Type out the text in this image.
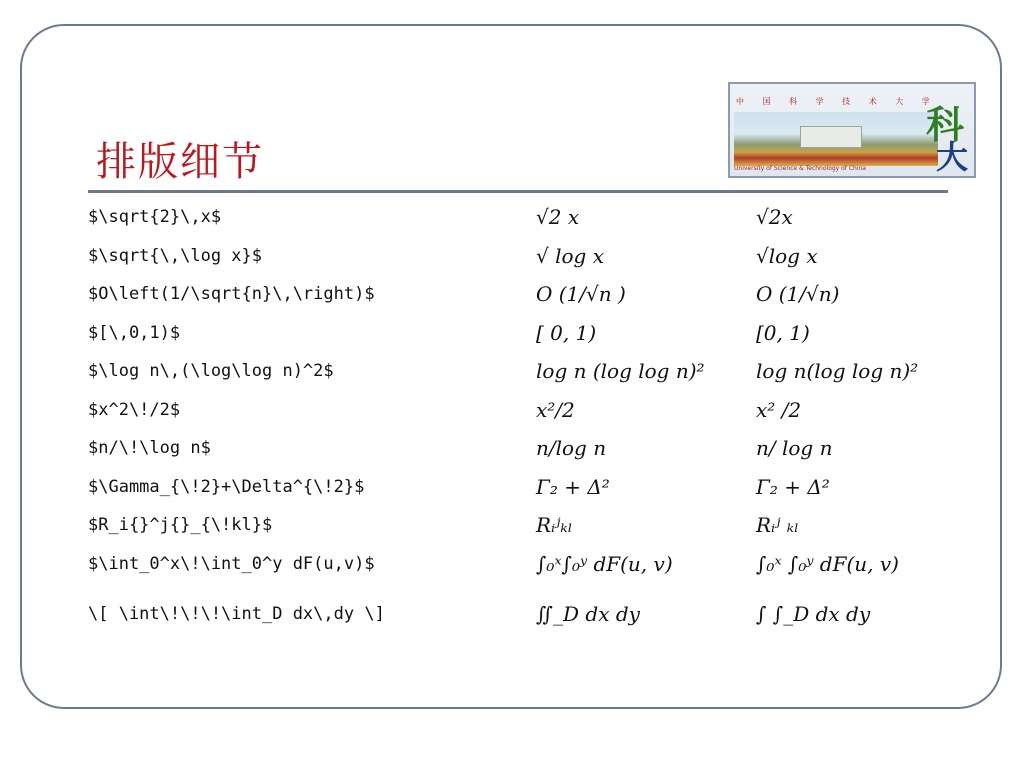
排版细节
中 国 科 学 技 术 大 学
科
大
University of Science & Technology of China
$\sqrt{2}\,x$	√2 x	√2x
$\sqrt{\,\log x}$	√ log x	√log x
$O\left(1/\sqrt{n}\,\right)$	O (1/√n )	O (1/√n)
$[\,0,1)$	[ 0, 1)	[0, 1)
$\log n\,(\log\log n)^2$	log n (log log n)²	log n(log log n)²
$x^2\!/2$	x²/2	x² /2
$n/\!\log n$	n/log n	n/ log n
$\Gamma_{\!2}+\Delta^{\!2}$	Γ₂ + Δ²	Γ₂ + Δ²
$R_i{}^j{}_{\!kl}$	Rᵢʲₖₗ	Rᵢʲ ₖₗ
$\int_0^x\!\int_0^y dF(u,v)$	∫₀ˣ∫₀ʸ dF(u, v)	∫₀ˣ ∫₀ʸ dF(u, v)
\[ \int\!\!\!\int_D dx\,dy \]	∬_D dx dy	∫ ∫_D dx dy
